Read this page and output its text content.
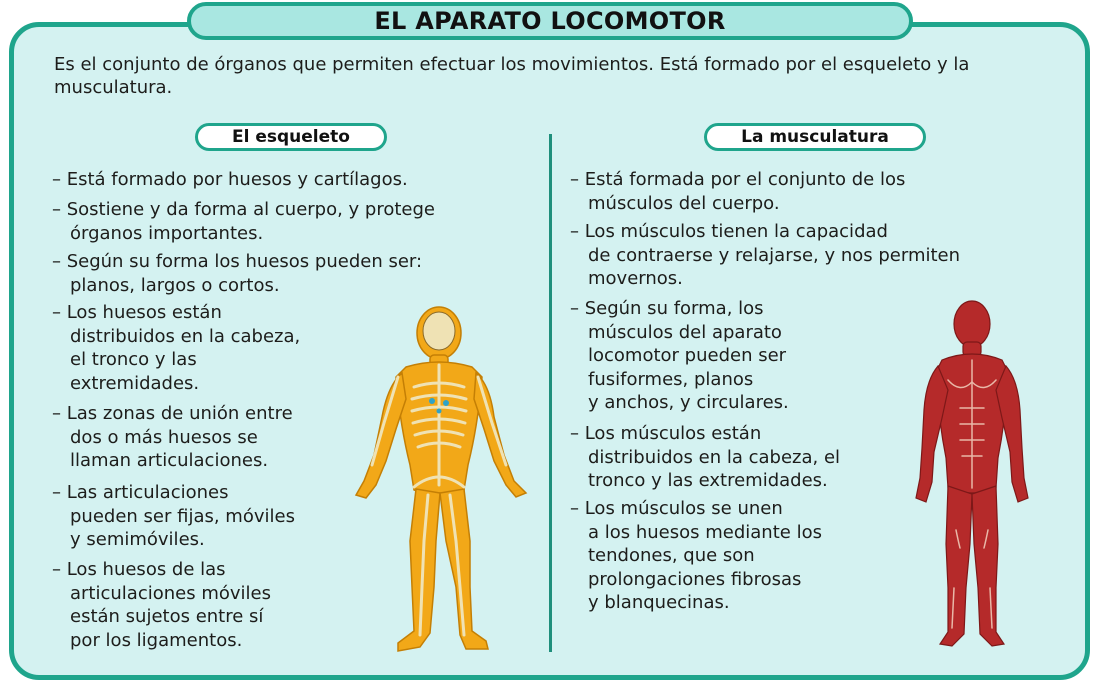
EL APARATO LOCOMOTOR

Es el conjunto de órganos que permiten efectuar los movimientos. Está formado por el esqueleto y la
musculatura.

El esqueleto	La musculatura

– Está formado por huesos y cartílagos.

– Sostiene y da forma al cuerpo, y protege
órganos importantes.

– Según su forma los huesos pueden ser:
planos, largos o cortos.

– Los huesos están
distribuidos en la cabeza,
el tronco y las
extremidades.

– Las zonas de unión entre
dos o más huesos se
llaman articulaciones.

– Las articulaciones
pueden ser fijas, móviles
y semimóviles.

– Los huesos de las
articulaciones móviles
están sujetos entre sí
por los ligamentos.

– Está formada por el conjunto de los
músculos del cuerpo.

– Los músculos tienen la capacidad
de contraerse y relajarse, y nos permiten
movernos.

– Según su forma, los
músculos del aparato
locomotor pueden ser
fusiformes, planos
y anchos, y circulares.

– Los músculos están
distribuidos en la cabeza, el
tronco y las extremidades.

– Los músculos se unen
a los huesos mediante los
tendones, que son
prolongaciones fibrosas
y blanquecinas.
